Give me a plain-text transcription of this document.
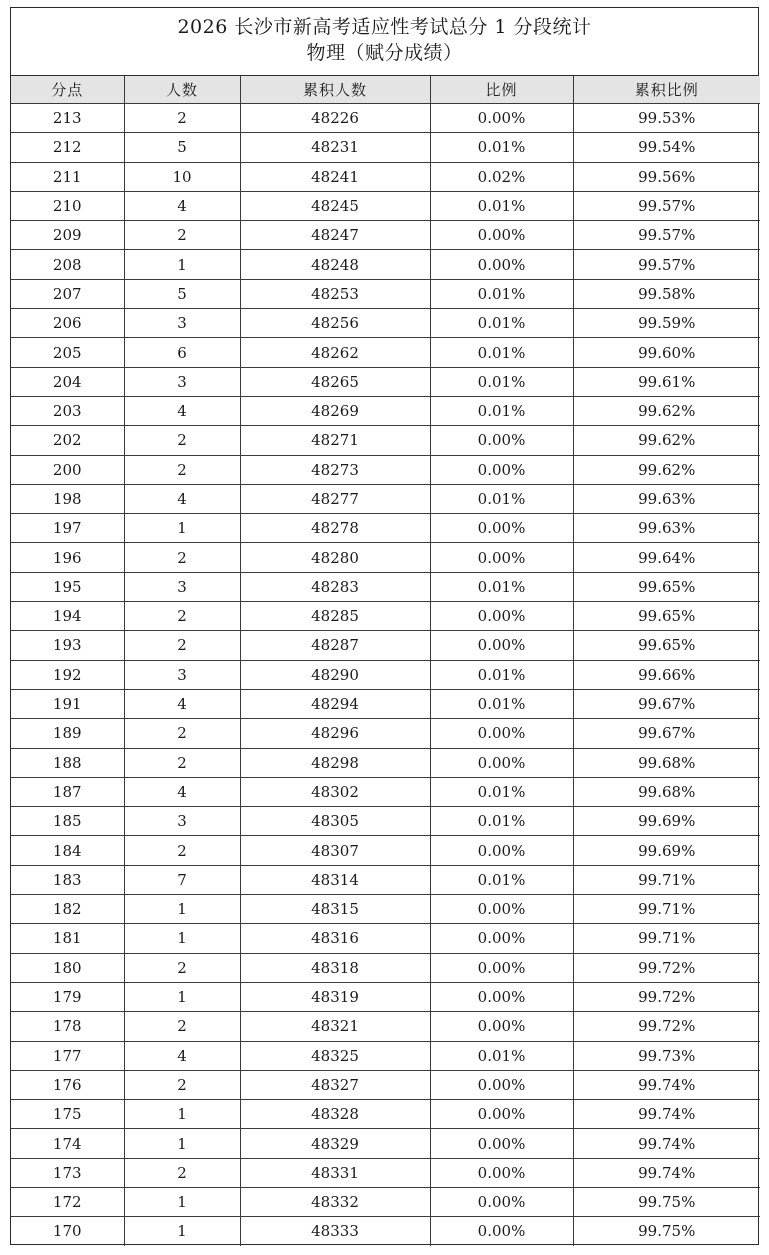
2026 长沙市新高考适应性考试总分 1 分段统计
物理（赋分成绩）
分点	人数	累积人数	比例	累积比例
213	2	48226	0.00%	99.53%
212	5	48231	0.01%	99.54%
211	10	48241	0.02%	99.56%
210	4	48245	0.01%	99.57%
209	2	48247	0.00%	99.57%
208	1	48248	0.00%	99.57%
207	5	48253	0.01%	99.58%
206	3	48256	0.01%	99.59%
205	6	48262	0.01%	99.60%
204	3	48265	0.01%	99.61%
203	4	48269	0.01%	99.62%
202	2	48271	0.00%	99.62%
200	2	48273	0.00%	99.62%
198	4	48277	0.01%	99.63%
197	1	48278	0.00%	99.63%
196	2	48280	0.00%	99.64%
195	3	48283	0.01%	99.65%
194	2	48285	0.00%	99.65%
193	2	48287	0.00%	99.65%
192	3	48290	0.01%	99.66%
191	4	48294	0.01%	99.67%
189	2	48296	0.00%	99.67%
188	2	48298	0.00%	99.68%
187	4	48302	0.01%	99.68%
185	3	48305	0.01%	99.69%
184	2	48307	0.00%	99.69%
183	7	48314	0.01%	99.71%
182	1	48315	0.00%	99.71%
181	1	48316	0.00%	99.71%
180	2	48318	0.00%	99.72%
179	1	48319	0.00%	99.72%
178	2	48321	0.00%	99.72%
177	4	48325	0.01%	99.73%
176	2	48327	0.00%	99.74%
175	1	48328	0.00%	99.74%
174	1	48329	0.00%	99.74%
173	2	48331	0.00%	99.74%
172	1	48332	0.00%	99.75%
170	1	48333	0.00%	99.75%
